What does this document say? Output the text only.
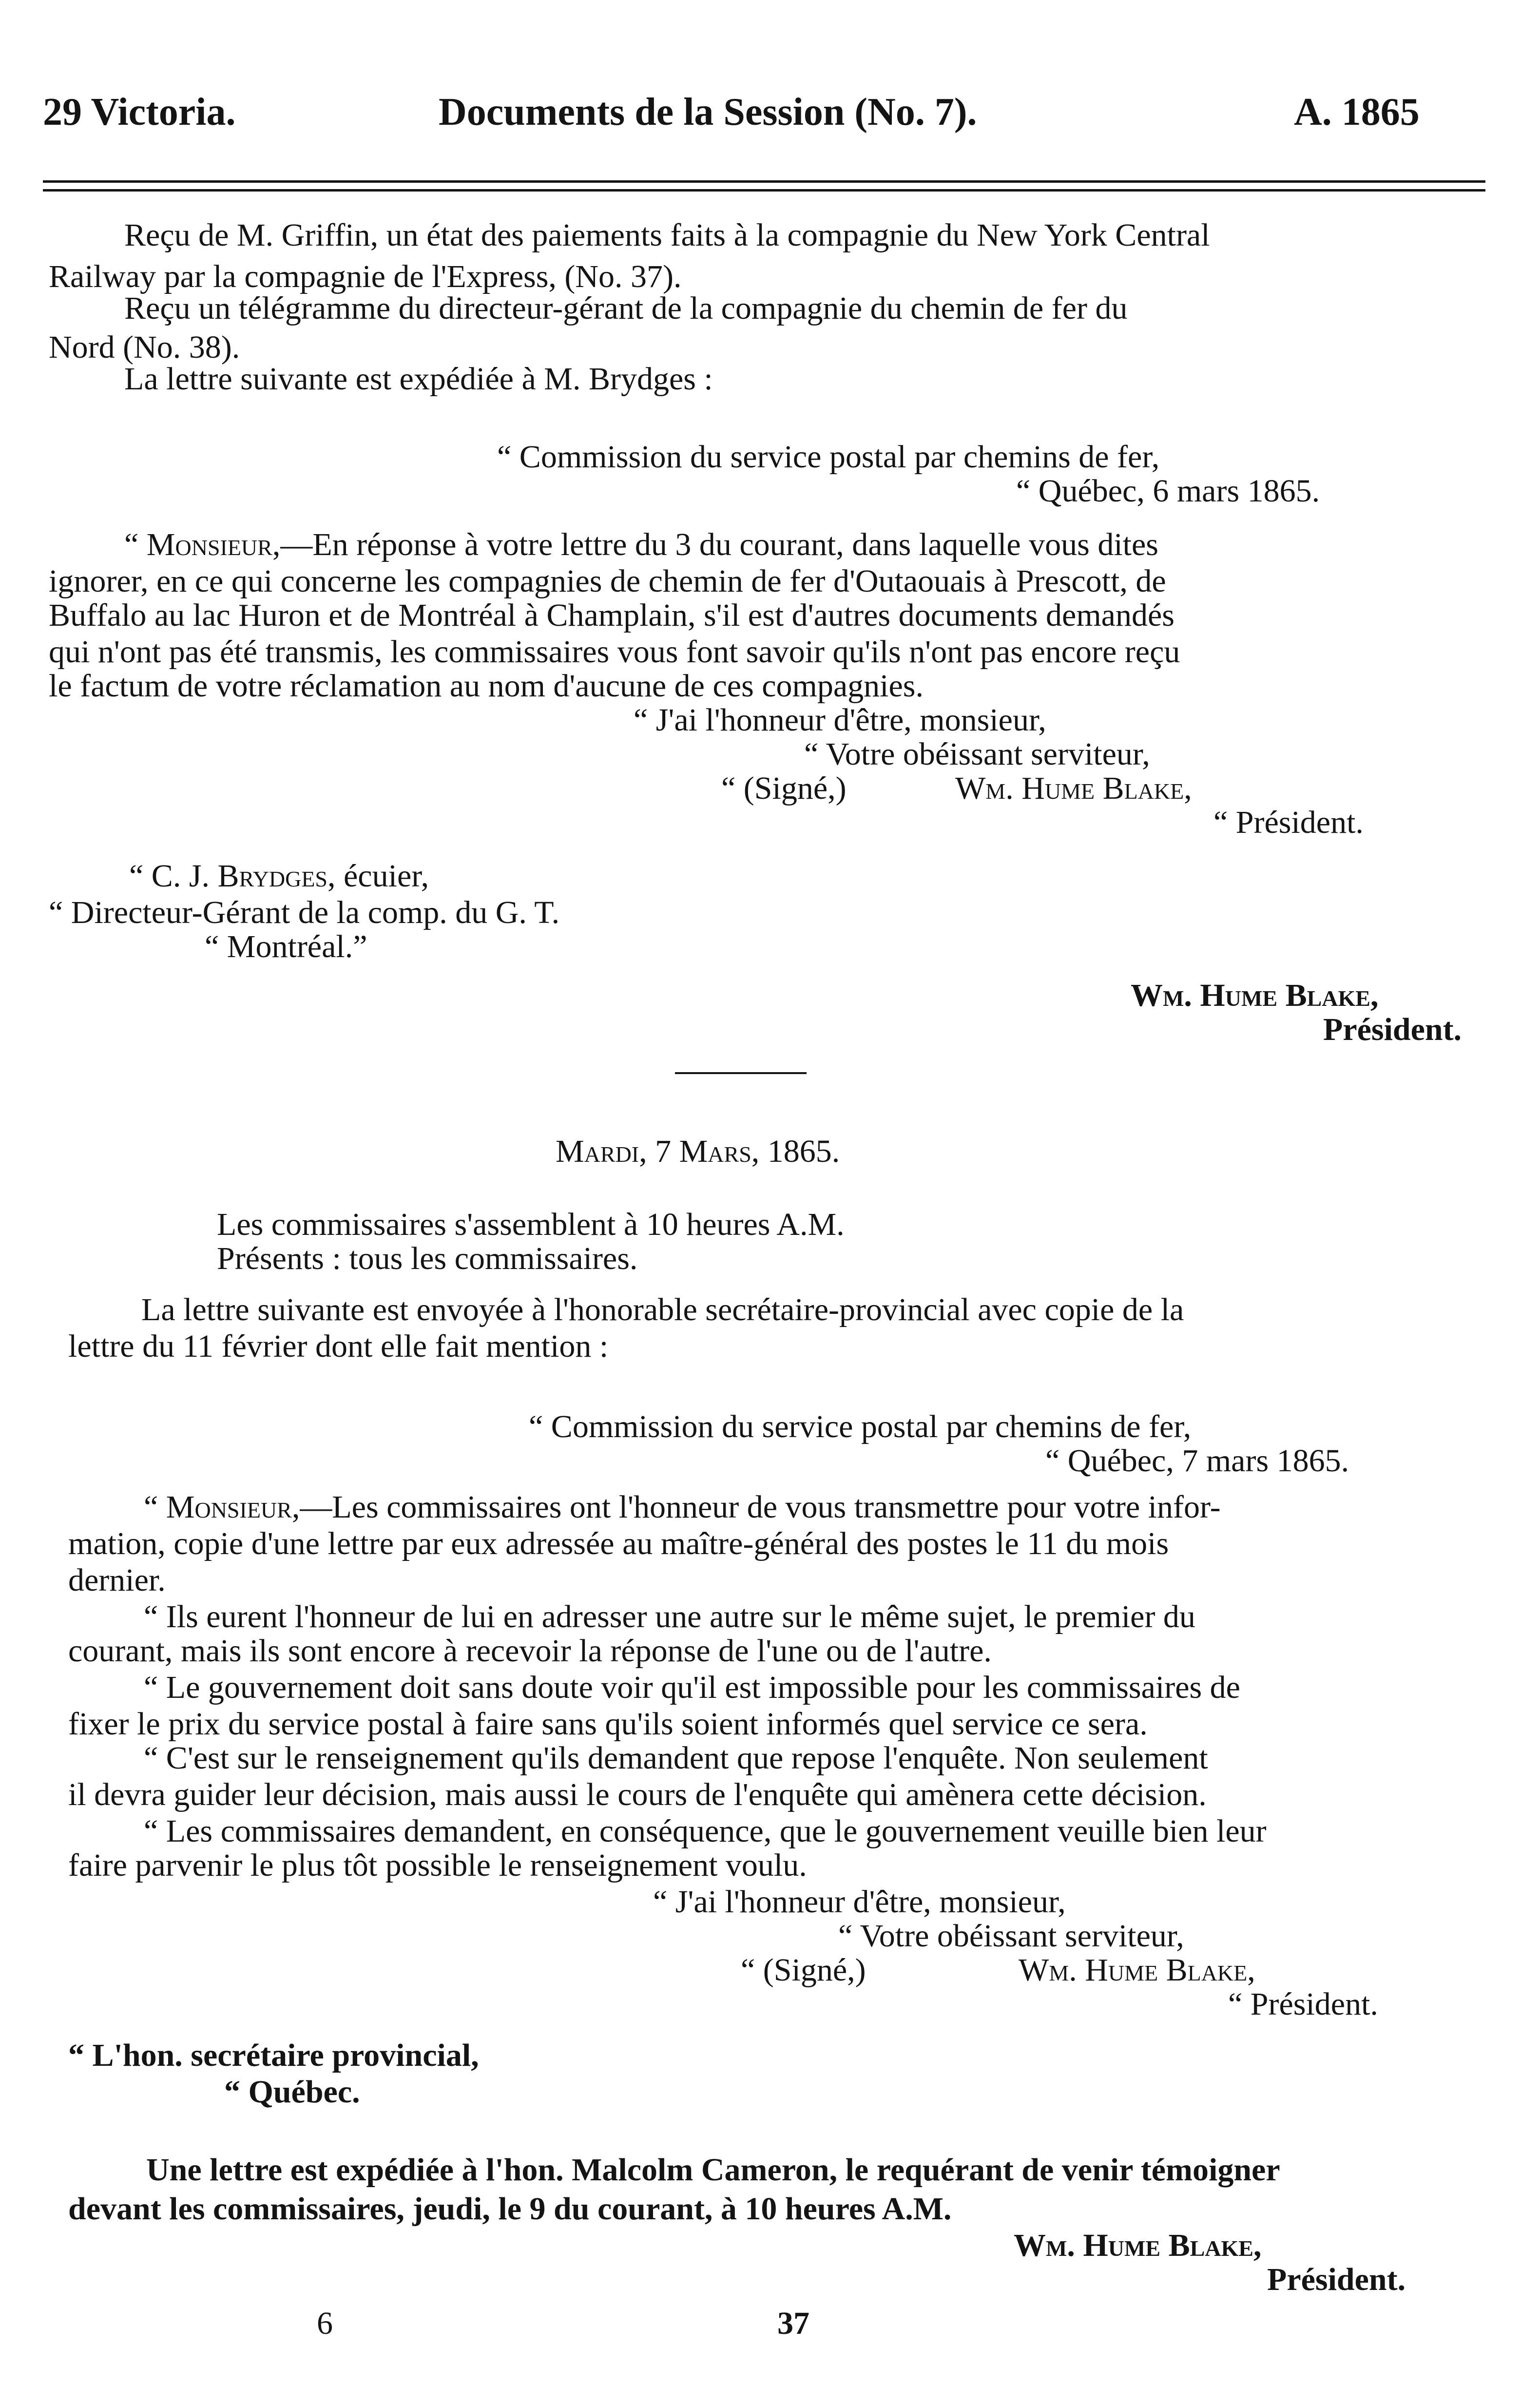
29 Victoria.	Documents de la Session (No. 7).	A. 1865
Reçu de M. Griffin, un état des paiements faits à la compagnie du New York Central
Railway par la compagnie de l'Express, (No. 37).
Reçu un télégramme du directeur-gérant de la compagnie du chemin de fer du
Nord (No. 38).
La lettre suivante est expédiée à M. Brydges :
“ Commission du service postal par chemins de fer,
“ Québec, 6 mars 1865.
“ Monsieur,—En réponse à votre lettre du 3 du courant, dans laquelle vous dites
ignorer, en ce qui concerne les compagnies de chemin de fer d'Outaouais à Prescott, de
Buffalo au lac Huron et de Montréal à Champlain, s'il est d'autres documents demandés
qui n'ont pas été transmis, les commissaires vous font savoir qu'ils n'ont pas encore reçu
le factum de votre réclamation au nom d'aucune de ces compagnies.
“ J'ai l'honneur d'être, monsieur,
“ Votre obéissant serviteur,
“ (Signé,)	Wm. Hume Blake,
“ Président.
“ C. J. Brydges, écuier,
“ Directeur-Gérant de la comp. du G. T.
“ Montréal.”
Wm. Hume Blake,
Président.
Mardi, 7 Mars, 1865.
Les commissaires s'assemblent à 10 heures A.M.
Présents : tous les commissaires.
La lettre suivante est envoyée à l'honorable secrétaire-provincial avec copie de la
lettre du 11 février dont elle fait mention :
“ Commission du service postal par chemins de fer,
“ Québec, 7 mars 1865.
“ Monsieur,—Les commissaires ont l'honneur de vous transmettre pour votre infor-
mation, copie d'une lettre par eux adressée au maître-général des postes le 11 du mois
dernier.
“ Ils eurent l'honneur de lui en adresser une autre sur le même sujet, le premier du
courant, mais ils sont encore à recevoir la réponse de l'une ou de l'autre.
“ Le gouvernement doit sans doute voir qu'il est impossible pour les commissaires de
fixer le prix du service postal à faire sans qu'ils soient informés quel service ce sera.
“ C'est sur le renseignement qu'ils demandent que repose l'enquête. Non seulement
il devra guider leur décision, mais aussi le cours de l'enquête qui amènera cette décision.
“ Les commissaires demandent, en conséquence, que le gouvernement veuille bien leur
faire parvenir le plus tôt possible le renseignement voulu.
“ J'ai l'honneur d'être, monsieur,
“ Votre obéissant serviteur,
“ (Signé,)	Wm. Hume Blake,
“ Président.
“ L'hon. secrétaire provincial,
“ Québec.
Une lettre est expédiée à l'hon. Malcolm Cameron, le requérant de venir témoigner
devant les commissaires, jeudi, le 9 du courant, à 10 heures A.M.
Wm. Hume Blake,
Président.
6	37
